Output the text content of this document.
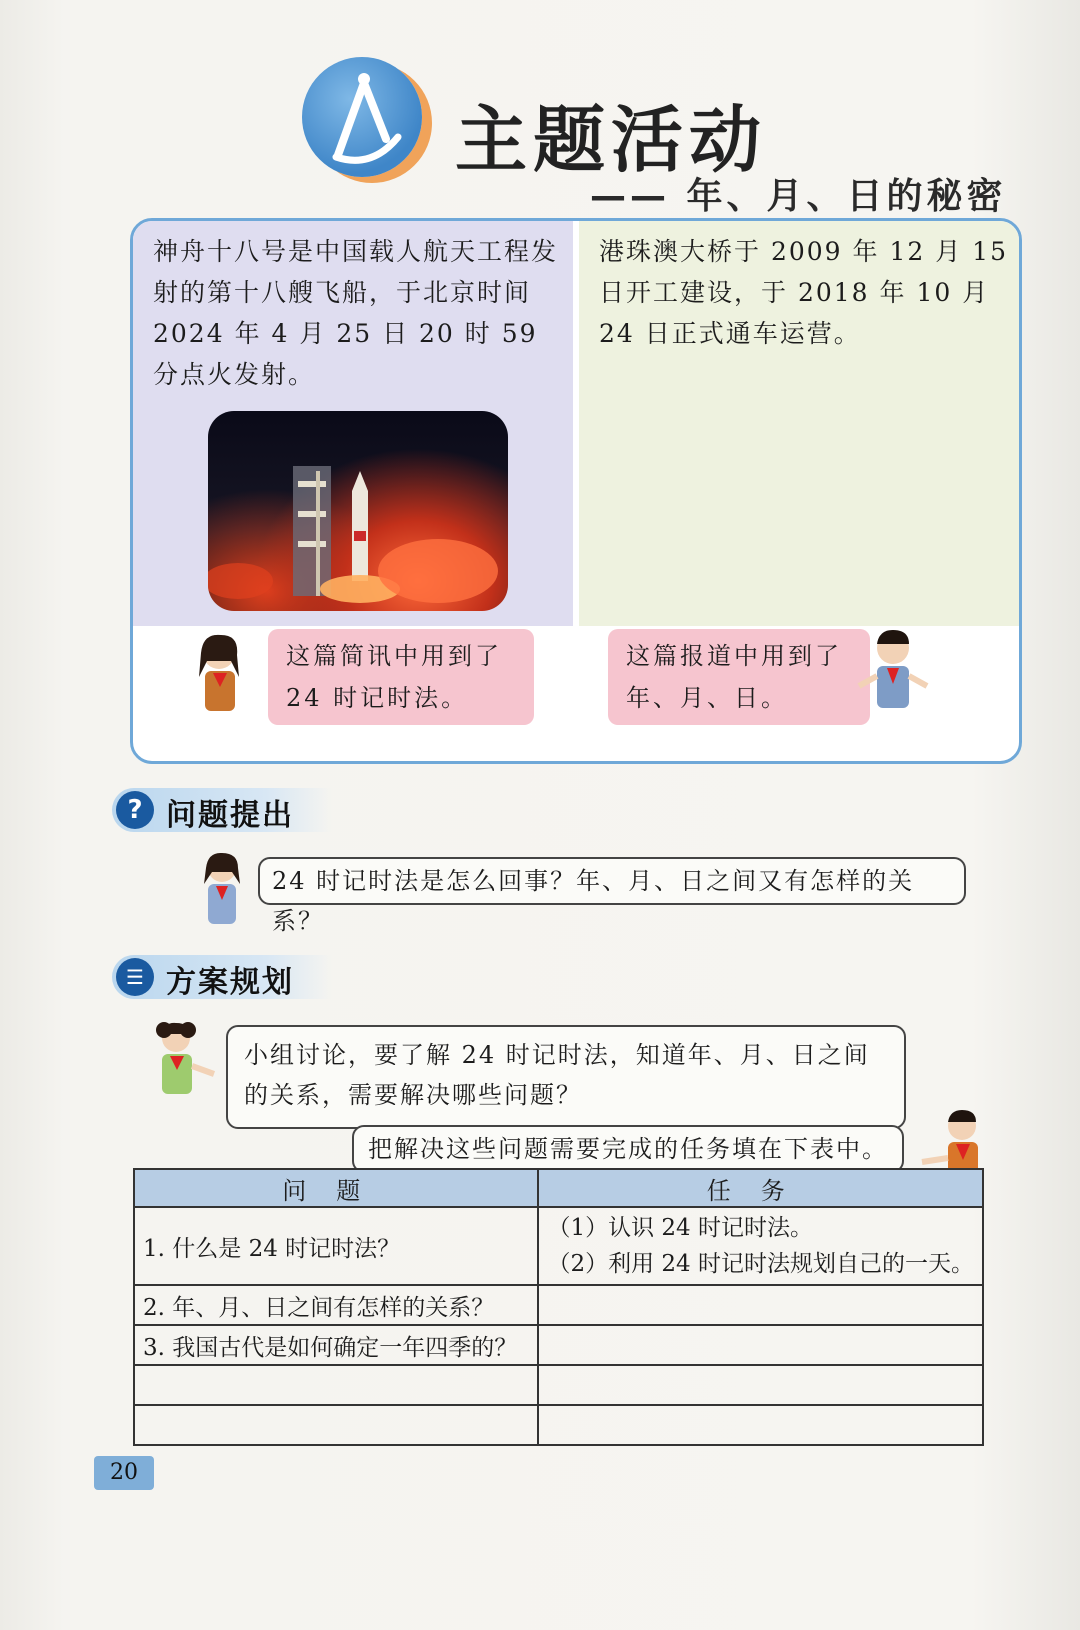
主题活动
—— 年、月、日的秘密
神舟十八号是中国载人航天工程发射的第十八艘飞船，于北京时间 2024 年 4 月 25 日 20 时 59 分点火发射。
港珠澳大桥于 2009 年 12 月 15 日开工建设，于 2018 年 10 月 24 日正式通车运营。
这篇简讯中用到了 24 时记时法。
这篇报道中用到了年、月、日。
? 问题提出
24 时记时法是怎么回事？年、月、日之间又有怎样的关系？
☰ 方案规划
小组讨论，要了解 24 时记时法，知道年、月、日之间的关系，需要解决哪些问题？
把解决这些问题需要完成的任务填在下表中。
问题	任务
1. 什么是 24 时记时法？	（1）认识 24 时记时法。
（2）利用 24 时记时法规划自己的一天。

2. 年、月、日之间有怎样的关系？	
3. 我国古代是如何确定一年四季的？	

20
